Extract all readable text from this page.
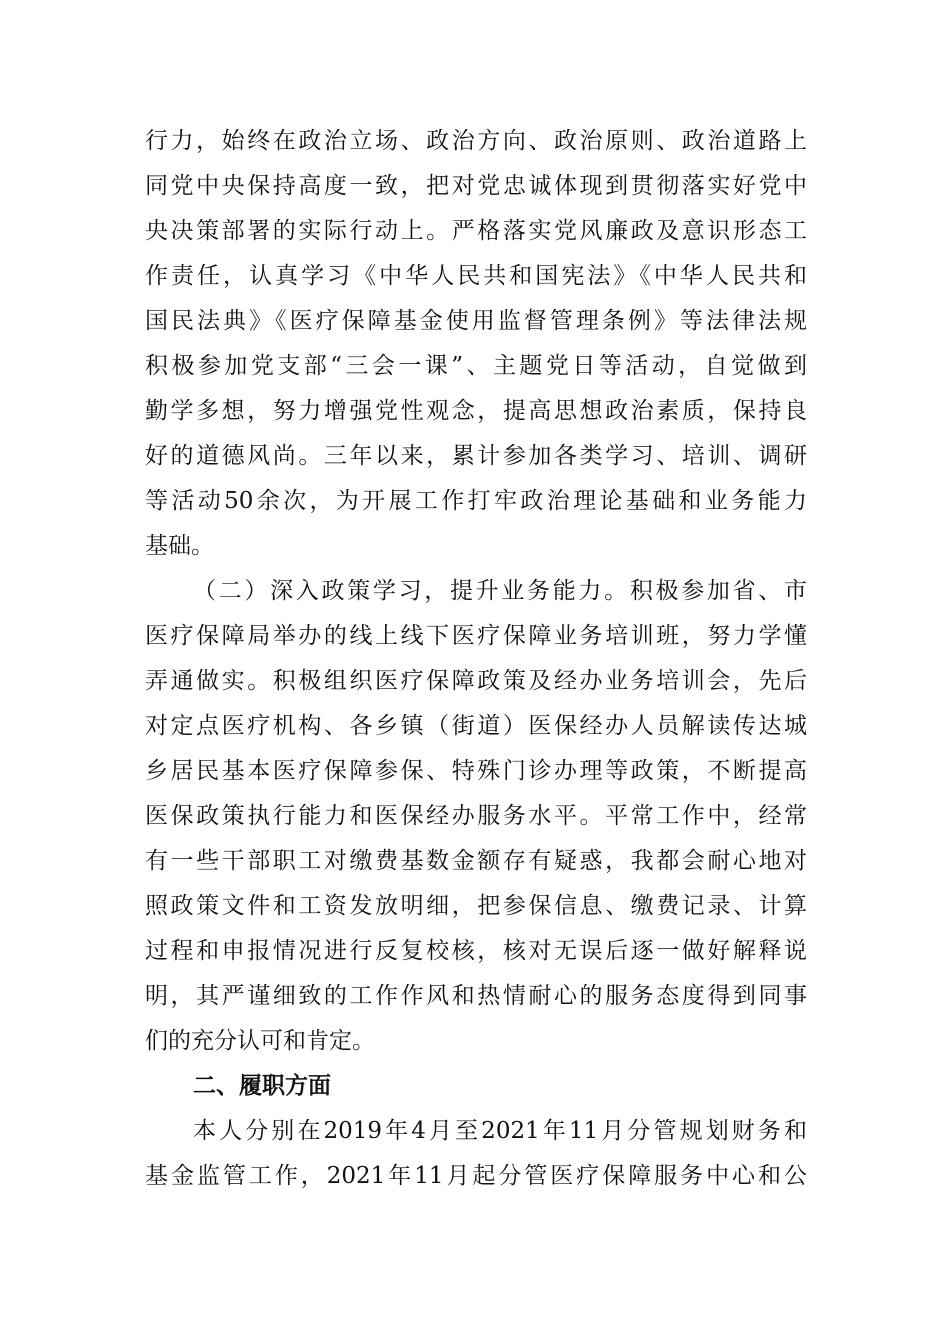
行力，始终在政治立场、政治方向、政治原则、政治道路上
同党中央保持高度一致，把对党忠诚体现到贯彻落实好党中
央决策部署的实际行动上。严格落实党风廉政及意识形态工
作责任，认真学习《中华人民共和国宪法》《中华人民共和
国民法典》《医疗保障基金使用监督管理条例》等法律法规
积极参加党支部“三会一课”、主题党日等活动，自觉做到
勤学多想，努力增强党性观念，提高思想政治素质，保持良
好的道德风尚。三年以来，累计参加各类学习、培训、调研
等活动50余次，为开展工作打牢政治理论基础和业务能力
基础。
（二）深入政策学习，提升业务能力。积极参加省、市
医疗保障局举办的线上线下医疗保障业务培训班，努力学懂
弄通做实。积极组织医疗保障政策及经办业务培训会，先后
对定点医疗机构、各乡镇（街道）医保经办人员解读传达城
乡居民基本医疗保障参保、特殊门诊办理等政策，不断提高
医保政策执行能力和医保经办服务水平。平常工作中，经常
有一些干部职工对缴费基数金额存有疑惑，我都会耐心地对
照政策文件和工资发放明细，把参保信息、缴费记录、计算
过程和申报情况进行反复校核，核对无误后逐一做好解释说
明，其严谨细致的工作作风和热情耐心的服务态度得到同事
们的充分认可和肯定。
二、履职方面
本人分别在2019年4月至2021年11月分管规划财务和
基金监管工作，2021年11月起分管医疗保障服务中心和公
